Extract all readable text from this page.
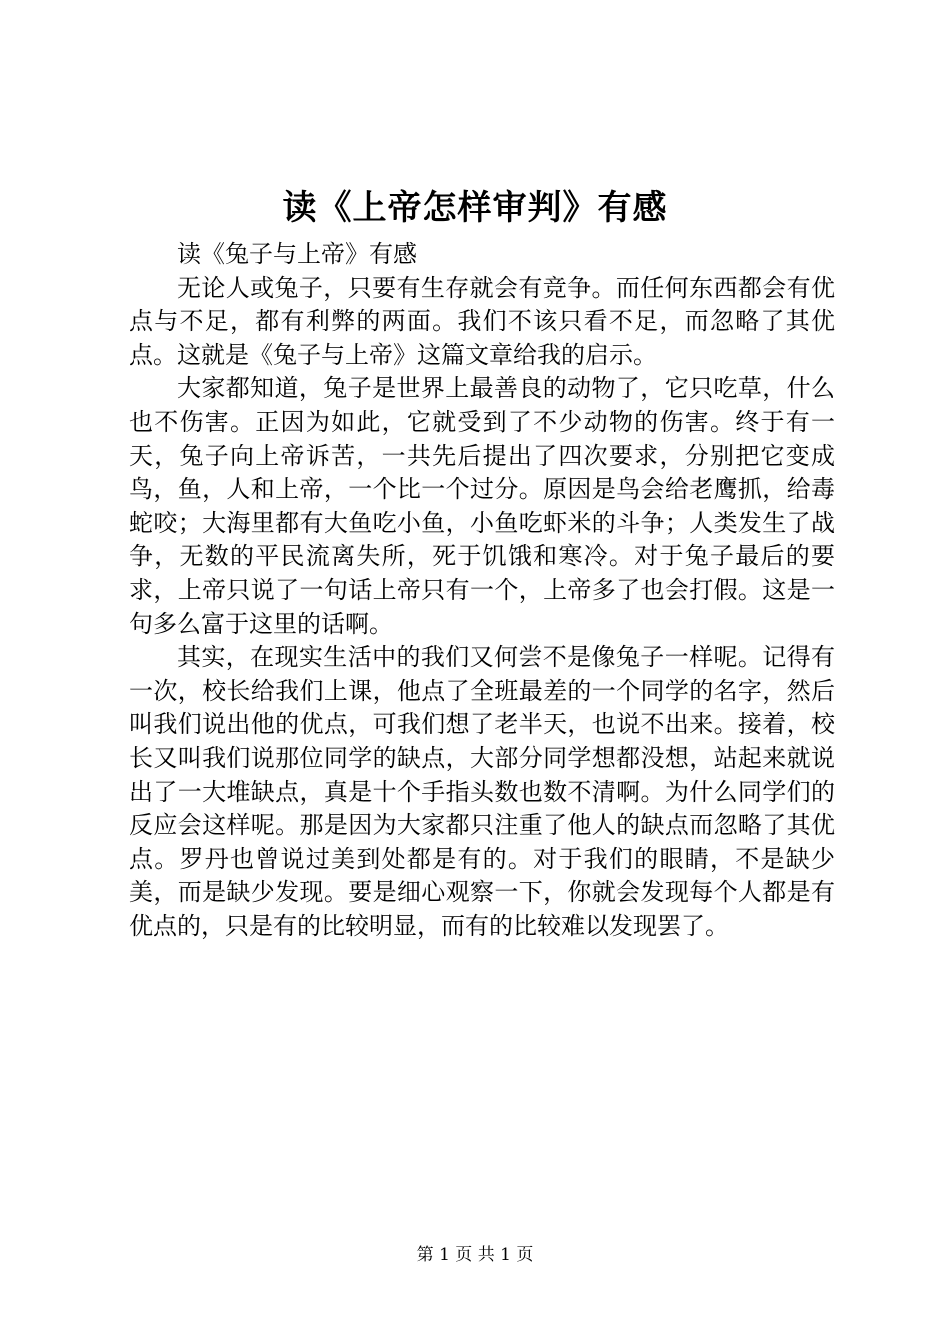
读《上帝怎样审判》有感

读《兔子与上帝》有感

无论人或兔子，只要有生存就会有竞争。而任何东西都会有优点与不足，都有利弊的两面。我们不该只看不足，而忽略了其优点。这就是《兔子与上帝》这篇文章给我的启示。

大家都知道，兔子是世界上最善良的动物了，它只吃草，什么也不伤害。正因为如此，它就受到了不少动物的伤害。终于有一天，兔子向上帝诉苦，一共先后提出了四次要求，分别把它变成鸟，鱼，人和上帝，一个比一个过分。原因是鸟会给老鹰抓，给毒蛇咬；大海里都有大鱼吃小鱼，小鱼吃虾米的斗争；人类发生了战争，无数的平民流离失所，死于饥饿和寒冷。对于兔子最后的要求，上帝只说了一句话上帝只有一个，上帝多了也会打假。这是一句多么富于这里的话啊。

其实，在现实生活中的我们又何尝不是像兔子一样呢。记得有一次，校长给我们上课，他点了全班最差的一个同学的名字，然后叫我们说出他的优点，可我们想了老半天，也说不出来。接着，校长又叫我们说那位同学的缺点，大部分同学想都没想，站起来就说出了一大堆缺点，真是十个手指头数也数不清啊。为什么同学们的反应会这样呢。那是因为大家都只注重了他人的缺点而忽略了其优点。罗丹也曾说过美到处都是有的。对于我们的眼睛，不是缺少美，而是缺少发现。要是细心观察一下，你就会发现每个人都是有优点的，只是有的比较明显，而有的比较难以发现罢了。

第 1 页 共 1 页
